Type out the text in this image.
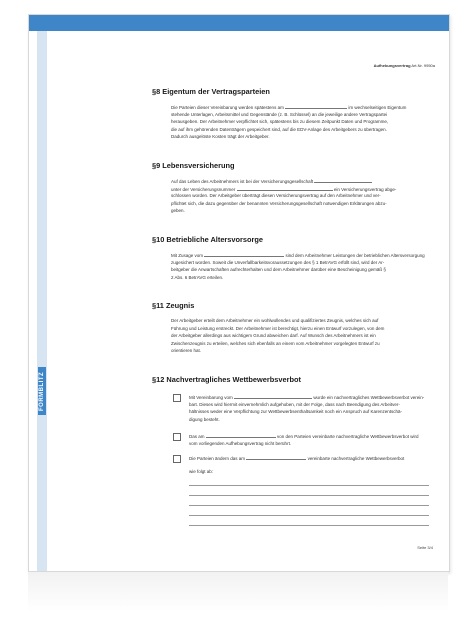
FORMBLITZ
Aufhebungsvertrag Art.Nr. 9950a
§8 Eigentum der Vertragsparteien
Die Parteien dieser Vereinbarung werden spätestens am	im wechselseitigen Eigentum
stehende Unterlagen, Arbeitsmittel und Gegenstände (z. B. Schlüssel) an die jeweilige andere Vertragspartei
herausgeben. Der Arbeitnehmer verpflichtet sich, spätestens bis zu diesem Zeitpunkt Daten und Programme,
die auf ihm gehörenden Datenträgern gespeichert sind, auf die EDV-Anlage des Arbeitgebers zu übertragen.
Dadurch ausgelöste Kosten trägt der Arbeitgeber.
§9 Lebensversicherung
Auf das Leben des Arbeitnehmers ist bei der Versicherungsgesellschaft
unter der Versicherungsnummer	ein Versicherungsvertrag abge-
schlossen worden. Der Arbeitgeber überträgt diesen Versicherungsvertrag auf den Arbeitnehmer und ver-
pflichtet sich, die dazu gegenüber der benannten Versicherungsgesellschaft notwendigen Erklärungen abzu-
geben.
§10 Betriebliche Altersvorsorge
Mit Zusage vom	sind dem Arbeitnehmer Leistungen der betrieblichen Altersversorgung
zugesichert worden. Soweit die Unverfallbarkeitsvoraussetzungen des § 1 BetrAVG erfüllt sind, wird der Ar-
beitgeber die Anwartschaften aufrechterhalten und dem Arbeitnehmer darüber eine Bescheinigung gemäß §
2 Abs. 6 BetrAVG erteilen.
§11 Zeugnis
Der Arbeitgeber erteilt dem Arbeitnehmer ein wohlwollendes und qualifiziertes Zeugnis, welches sich auf
Führung und Leistung erstreckt. Der Arbeitnehmer ist berechtigt, hierzu einen Entwurf vorzulegen, von dem
der Arbeitgeber allerdings aus wichtigem Grund abweichen darf. Auf Wunsch des Arbeitnehmers ist ein
Zwischenzeugnis zu erteilen, welches sich ebenfalls an einem vom Arbeitnehmer vorgelegten Entwurf zu
orientieren hat.
§12 Nachvertragliches Wettbewerbsverbot
Mit Vereinbarung vom	wurde ein nachvertragliches Wettbewerbsverbot verein-
bart. Dieses wird hiermit einvernehmlich aufgehoben, mit der Folge, dass nach Beendigung des Arbeitver-
hältnisses weder eine Verpflichtung zur Wettbewerbsenthaltsamkeit noch ein Anspruch auf Karenzentschä-
digung besteht.
Das am	von den Parteien vereinbarte nachvertragliche Wettbewerbsverbot wird
vom vorliegenden Aufhebungsvertrag nicht berührt.
Die Parteien ändern das am	vereinbarte nachvertragliche Wettbewerbsverbot
wie folgt ab:
Seite 3/4
